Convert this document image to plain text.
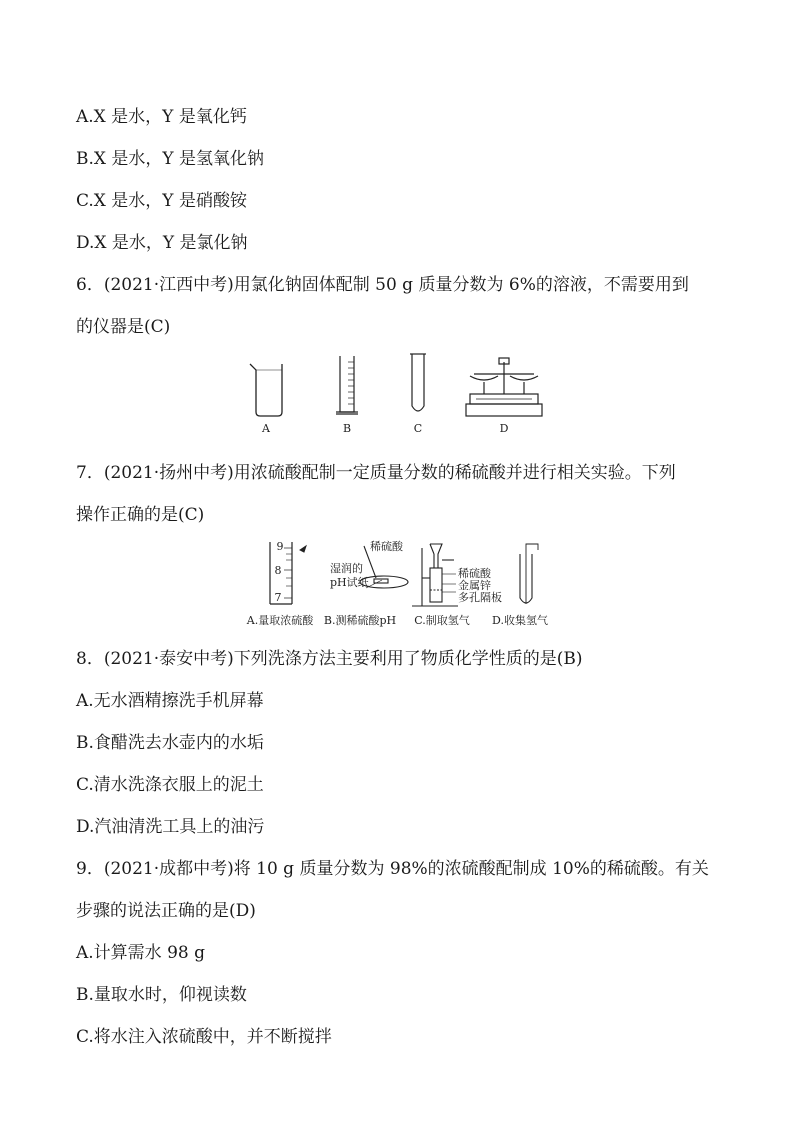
A.X 是水，Y 是氧化钙
B.X 是水，Y 是氢氧化钠
C.X 是水，Y 是硝酸铵
D.X 是水，Y 是氯化钠
6．(2021·江西中考)用氯化钠固体配制 50 g 质量分数为 6%的溶液，不需要用到
的仪器是(C)
A	B	C	D
7．(2021·扬州中考)用浓硫酸配制一定质量分数的稀硫酸并进行相关实验。下列
操作正确的是(C)
9
8
7
稀硫酸
湿润的
pH试纸
稀硫酸
金属锌
多孔隔板
A.量取浓硫酸 B.测稀硫酸pH C.制取氢气 D.收集氢气
8．(2021·泰安中考)下列洗涤方法主要利用了物质化学性质的是(B)
A.无水酒精擦洗手机屏幕
B.食醋洗去水壶内的水垢
C.清水洗涤衣服上的泥土
D.汽油清洗工具上的油污
9．(2021·成都中考)将 10 g 质量分数为 98%的浓硫酸配制成 10%的稀硫酸。有关
步骤的说法正确的是(D)
A.计算需水 98 g
B.量取水时，仰视读数
C.将水注入浓硫酸中，并不断搅拌
